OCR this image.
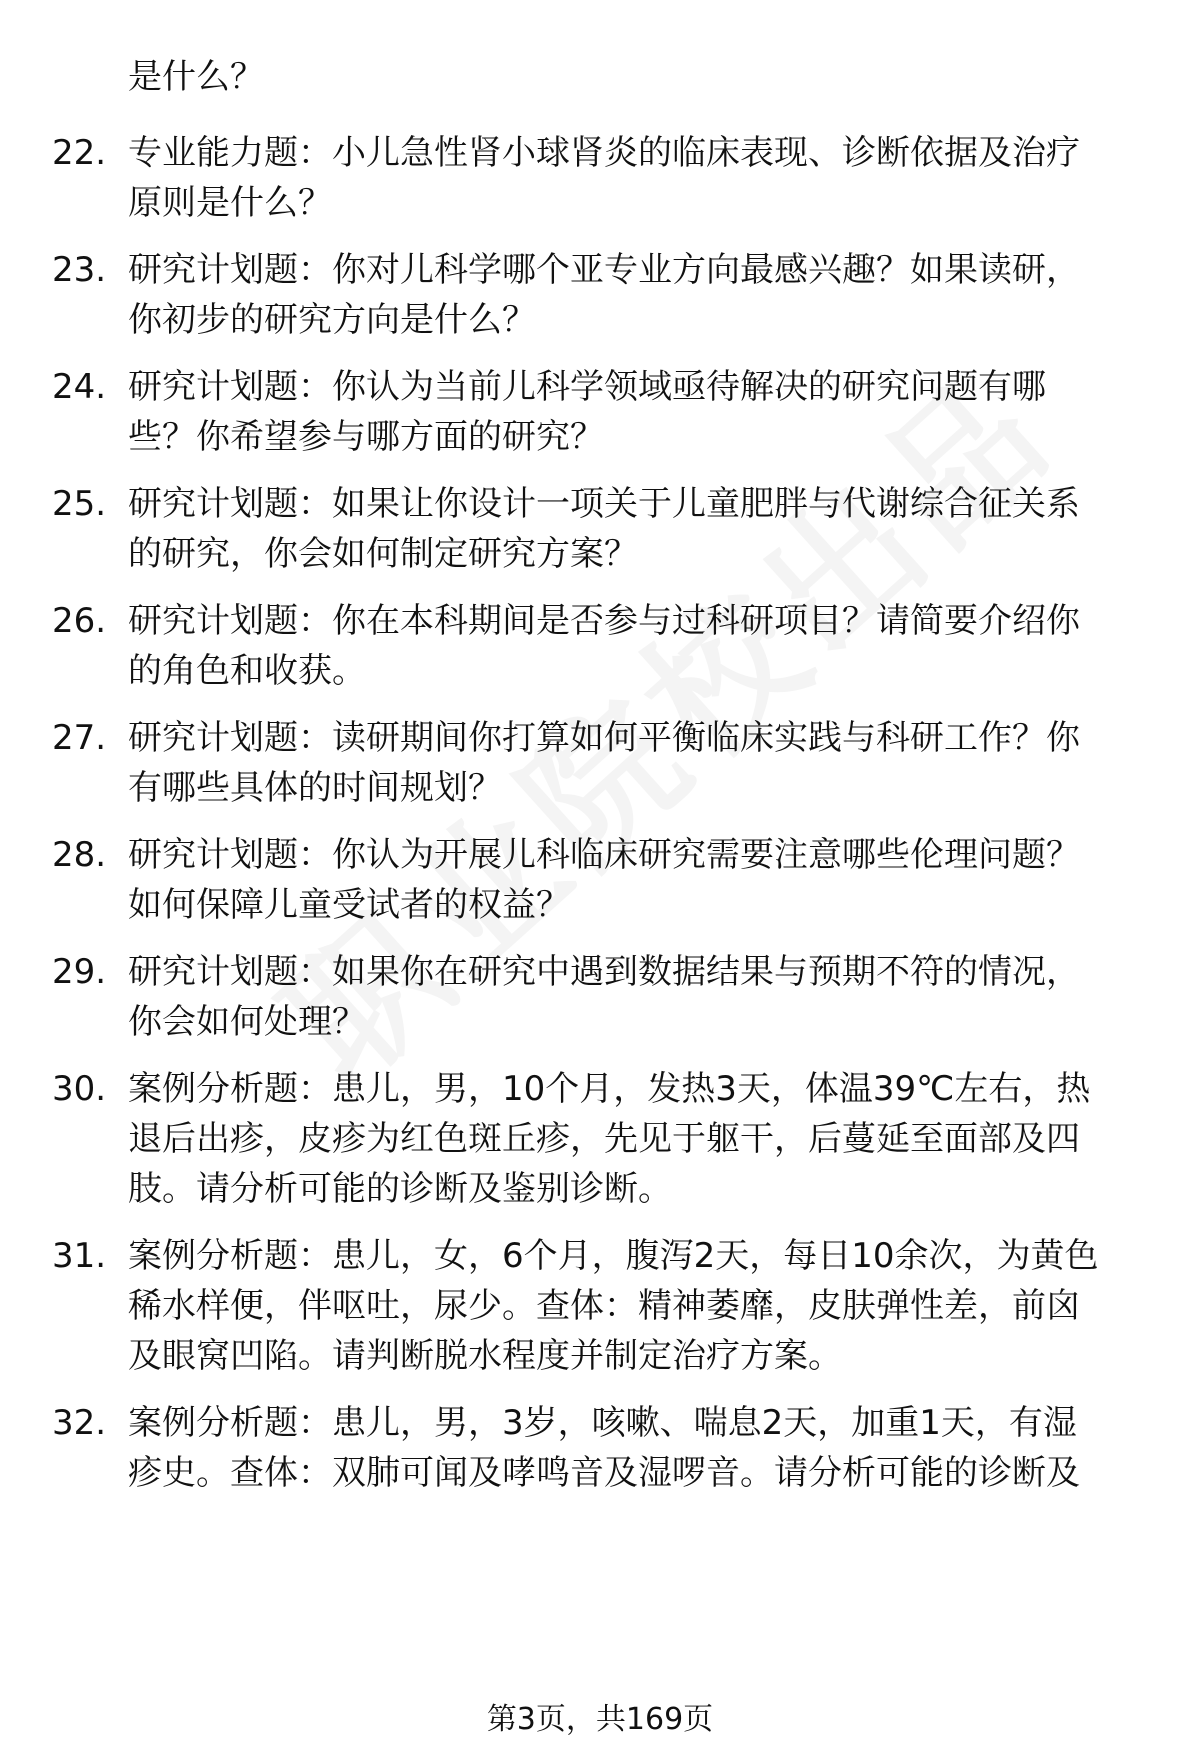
是什么？
22. 专业能力题：小儿急性肾小球肾炎的临床表现、诊断依据及治疗
原则是什么？
23. 研究计划题：你对儿科学哪个亚专业方向最感兴趣？如果读研，
你初步的研究方向是什么？
24. 研究计划题：你认为当前儿科学领域亟待解决的研究问题有哪
些？你希望参与哪方面的研究？
25. 研究计划题：如果让你设计一项关于儿童肥胖与代谢综合征关系
的研究，你会如何制定研究方案？
26. 研究计划题：你在本科期间是否参与过科研项目？请简要介绍你
的角色和收获。
27. 研究计划题：读研期间你打算如何平衡临床实践与科研工作？你
有哪些具体的时间规划？
28. 研究计划题：你认为开展儿科临床研究需要注意哪些伦理问题？
如何保障儿童受试者的权益？
29. 研究计划题：如果你在研究中遇到数据结果与预期不符的情况，
你会如何处理？
30. 案例分析题：患儿，男，10个月，发热3天，体温39℃左右，热
退后出疹，皮疹为红色斑丘疹，先见于躯干，后蔓延至面部及四
肢。请分析可能的诊断及鉴别诊断。
31. 案例分析题：患儿，女，6个月，腹泻2天，每日10余次，为黄色
稀水样便，伴呕吐，尿少。查体：精神萎靡，皮肤弹性差，前囟
及眼窝凹陷。请判断脱水程度并制定治疗方案。
32. 案例分析题：患儿，男，3岁，咳嗽、喘息2天，加重1天，有湿
疹史。查体：双肺可闻及哮鸣音及湿啰音。请分析可能的诊断及
第3页，共169页
